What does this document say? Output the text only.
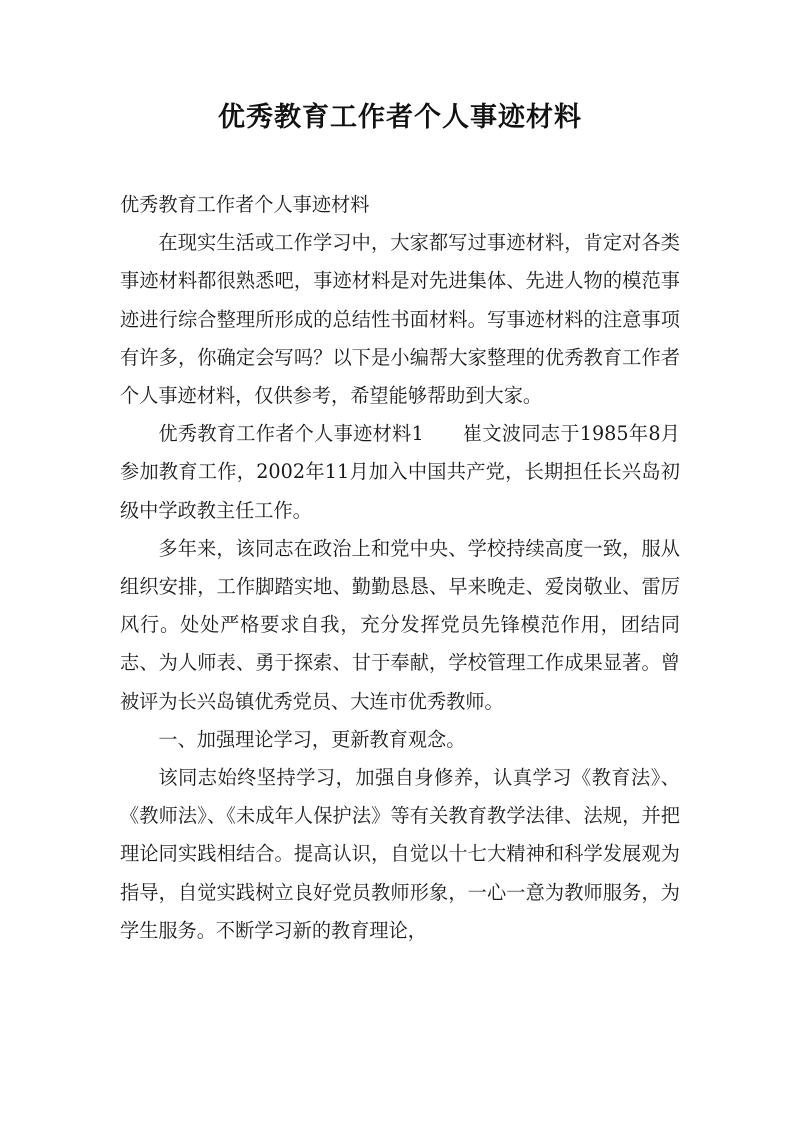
优秀教育工作者个人事迹材料

优秀教育工作者个人事迹材料

在现实生活或工作学习中，大家都写过事迹材料，肯定对各类事迹材料都很熟悉吧，事迹材料是对先进集体、先进人物的模范事迹进行综合整理所形成的总结性书面材料。写事迹材料的注意事项有许多，你确定会写吗？以下是小编帮大家整理的优秀教育工作者个人事迹材料，仅供参考，希望能够帮助到大家。

优秀教育工作者个人事迹材料1　　崔文波同志于1985年8月参加教育工作，2002年11月加入中国共产党，长期担任长兴岛初级中学政教主任工作。

多年来，该同志在政治上和党中央、学校持续高度一致，服从组织安排，工作脚踏实地、勤勤恳恳、早来晚走、爱岗敬业、雷厉风行。处处严格要求自我，充分发挥党员先锋模范作用，团结同志、为人师表、勇于探索、甘于奉献，学校管理工作成果显著。曾被评为长兴岛镇优秀党员、大连市优秀教师。

一、加强理论学习，更新教育观念。

该同志始终坚持学习，加强自身修养，认真学习《教育法》、《教师法》、《未成年人保护法》等有关教育教学法律、法规，并把理论同实践相结合。提高认识，自觉以十七大精神和科学发展观为指导，自觉实践树立良好党员教师形象，一心一意为教师服务，为学生服务。不断学习新的教育理论，
